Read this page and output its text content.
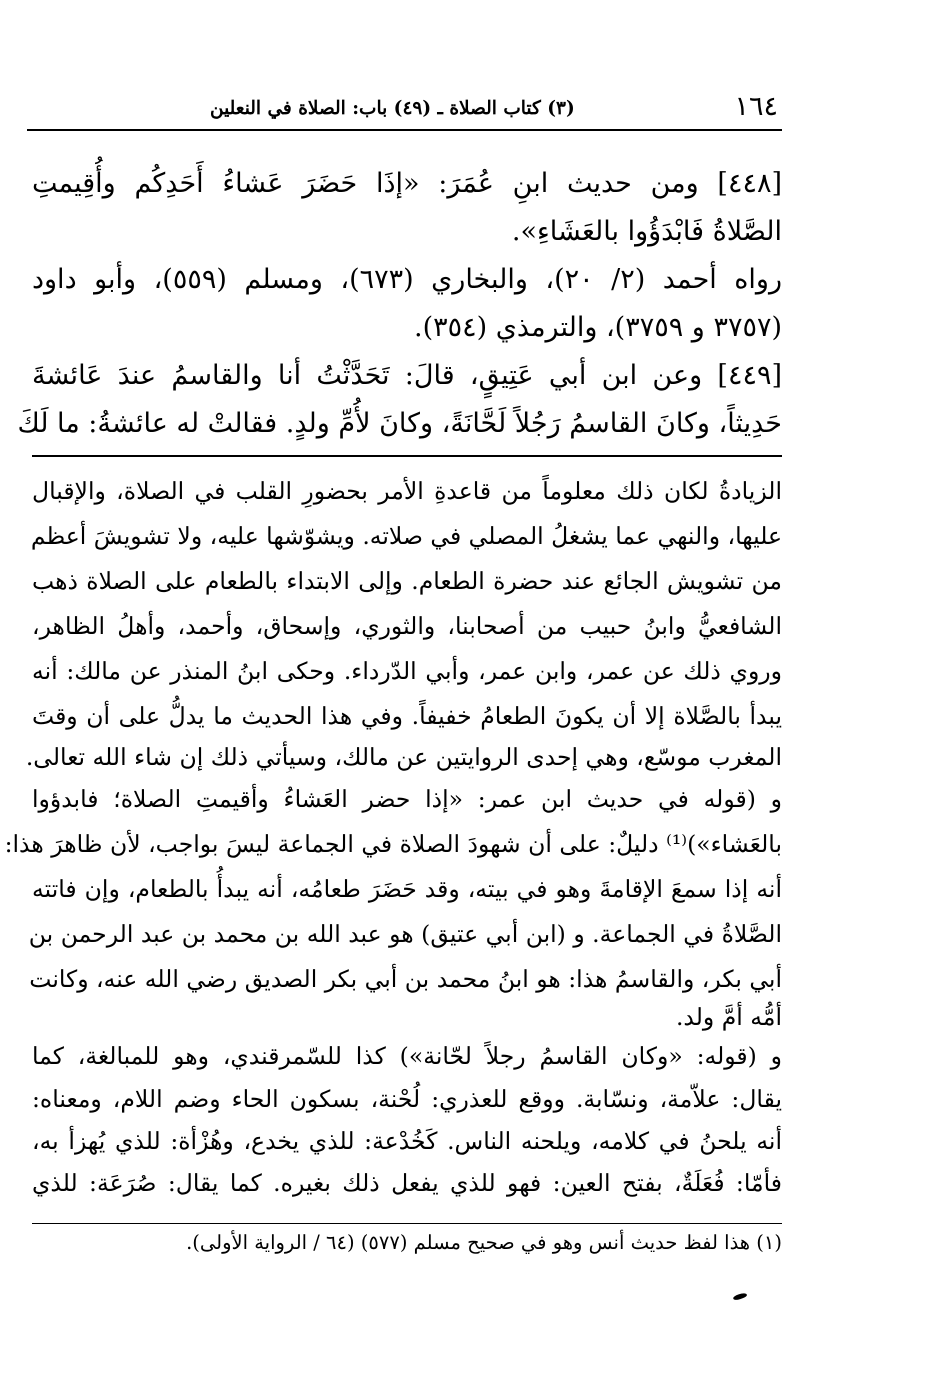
١٦٤
(٣) كتاب الصلاة ـ (٤٩) باب: الصلاة في النعلين
[٤٤٨] ومن حديث ابنِ عُمَرَ: «إذَا حَضَرَ عَشاءُ أَحَدِكُم وأُقِيمتِ
الصَّلاةُ فَابْدَؤُوا بالعَشَاءِ».
رواه أحمد (٢/ ٢٠)، والبخاري (٦٧٣)، ومسلم (٥٥٩)، وأبو داود
(٣٧٥٧ و ٣٧٥٩)، والترمذي (٣٥٤).
[٤٤٩] وعن ابن أبي عَتِيقٍ، قالَ: تَحَدَّثْتُ أنا والقاسمُ عندَ عَائشةَ
حَدِيثاً، وكانَ القاسمُ رَجُلاً لَحَّانَةً، وكانَ لأُمِّ ولدٍ. فقالتْ له عائشةُ: ما لَكَ
الزيادةُ لكان ذلك معلوماً من قاعدةِ الأمر بحضورِ القلب في الصلاة، والإقبال
عليها، والنهي عما يشغلُ المصلي في صلاته. ويشوّشها عليه، ولا تشويشَ أعظم
من تشويش الجائع عند حضرة الطعام. وإلى الابتداء بالطعام على الصلاة ذهب
الشافعيُّ وابنُ حبيب من أصحابنا، والثوري، وإسحاق، وأحمد، وأهلُ الظاهر،
وروي ذلك عن عمر، وابن عمر، وأبي الدّرداء. وحكى ابنُ المنذر عن مالك: أنه
يبدأ بالصَّلاة إلا أن يكونَ الطعامُ خفيفاً. وفي هذا الحديث ما يدلُّ على أن وقتَ
المغرب موسّع، وهي إحدى الروايتين عن مالك، وسيأتي ذلك إن شاء الله تعالى.
و (قوله في حديث ابن عمر: «إذا حضر العَشاءُ وأقيمتِ الصلاة؛ فابدؤوا
بالعَشاء»)⁽¹⁾ دليلٌ: على أن شهودَ الصلاة في الجماعة ليسَ بواجب، لأن ظاهرَ هذا:
أنه إذا سمعَ الإقامةَ وهو في بيته، وقد حَضَرَ طعامُه، أنه يبدأُ بالطعام، وإن فاتته
الصَّلاةُ في الجماعة. و (ابن أبي عتيق) هو عبد الله بن محمد بن عبد الرحمن بن
أبي بكر، والقاسمُ هذا: هو ابنُ محمد بن أبي بكر الصديق رضي الله عنه، وكانت
أمُّه أمَّ ولد.
و (قوله: «وكان القاسمُ رجلاً لحّانة») كذا للسّمرقندي، وهو للمبالغة، كما
يقال: علاّمة، ونسّابة. ووقع للعذري: لُحْنة، بسكون الحاء وضم اللام، ومعناه:
أنه يلحنُ في كلامه، ويلحنه الناس. كَخُدْعة: للذي يخدع، وهُزْأة: للذي يُهزأ به،
فأمّا: فُعَلَةٌ، بفتح العين: فهو للذي يفعل ذلك بغيره. كما يقال: صُرَعَة: للذي
(١) هذا لفظ حديث أنس وهو في صحيح مسلم (٥٧٧) (٦٤ / الرواية الأولى).
